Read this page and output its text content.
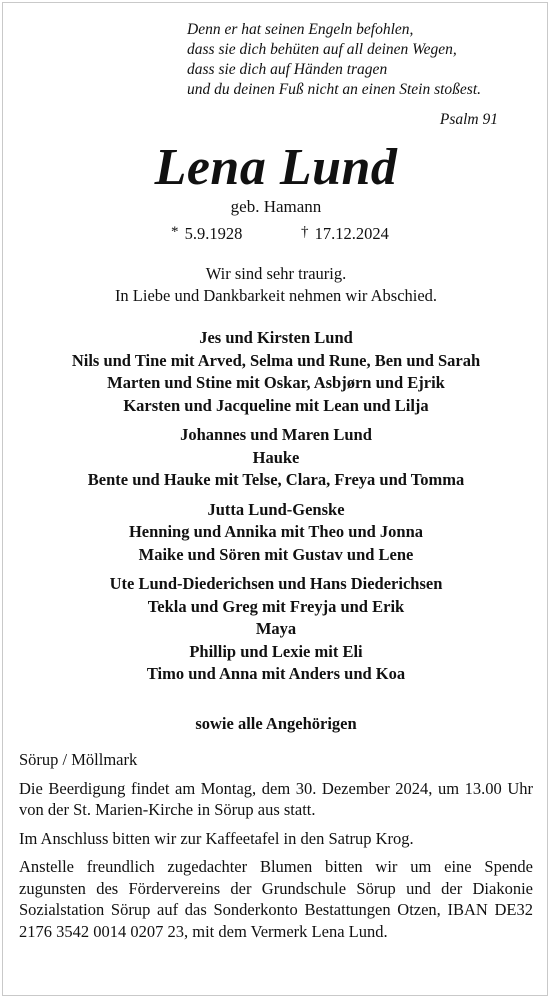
Denn er hat seinen Engeln befohlen,
dass sie dich behüten auf all deinen Wegen,
dass sie dich auf Händen tragen
und du deinen Fuß nicht an einen Stein stoßest.
Psalm 91
Lena Lund
geb. Hamann
* 5.9.1928	† 17.12.2024
Wir sind sehr traurig.
In Liebe und Dankbarkeit nehmen wir Abschied.
Jes und Kirsten Lund
Nils und Tine mit Arved, Selma und Rune, Ben und Sarah
Marten und Stine mit Oskar, Asbjørn und Ejrik
Karsten und Jacqueline mit Lean und Lilja
Johannes und Maren Lund
Hauke
Bente und Hauke mit Telse, Clara, Freya und Tomma
Jutta Lund-Genske
Henning und Annika mit Theo und Jonna
Maike und Sören mit Gustav und Lene
Ute Lund-Diederichsen und Hans Diederichsen
Tekla und Greg mit Freyja und Erik
Maya
Phillip und Lexie mit Eli
Timo und Anna mit Anders und Koa
sowie alle Angehörigen

Sörup / Möllmark

Die Beerdigung findet am Montag, dem 30. Dezember 2024, um 13.00 Uhr von der St. Marien-Kirche in Sörup aus statt.

Im Anschluss bitten wir zur Kaffeetafel in den Satrup Krog.

Anstelle freundlich zugedachter Blumen bitten wir um eine Spende zugunsten des Fördervereins der Grundschule Sörup und der Diakonie Sozialstation Sörup auf das Sonderkonto Bestattungen Otzen, IBAN DE32 2176 3542 0014 0207 23, mit dem Vermerk Lena Lund.
